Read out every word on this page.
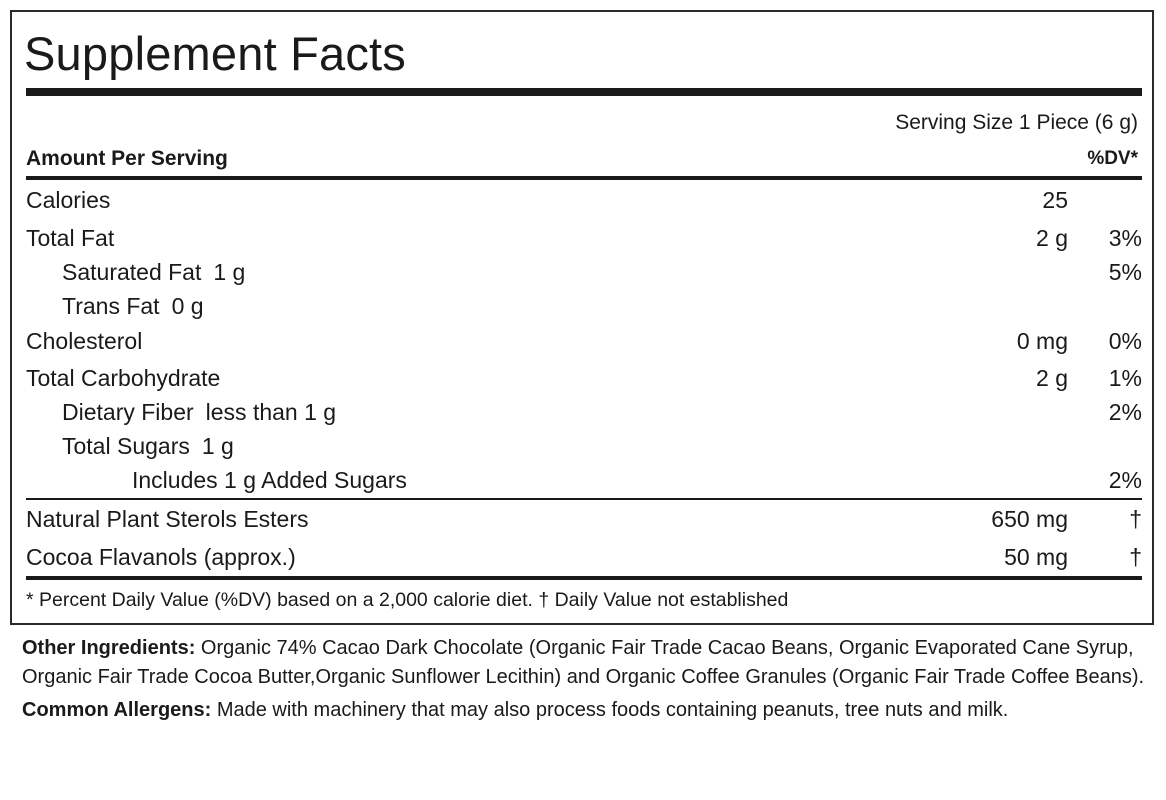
Supplement Facts
Serving Size 1 Piece (6 g)
Amount Per Serving	%DV*
Calories	25
Total Fat	2 g 3%
Saturated Fat 1 g	5%
Trans Fat 0 g
Cholesterol	0 mg 0%
Total Carbohydrate	2 g 1%
Dietary Fiber less than 1 g	2%
Total Sugars 1 g
Includes 1 g Added Sugars	2%
Natural Plant Sterols Esters	650 mg	†
Cocoa Flavanols (approx.)	50 mg	†
* Percent Daily Value (%DV) based on a 2,000 calorie diet. † Daily Value not established

Other Ingredients: Organic 74% Cacao Dark Chocolate (Organic Fair Trade Cacao Beans, Organic Evaporated Cane Syrup, Organic Fair Trade Cocoa Butter,Organic Sunflower Lecithin) and Organic Coffee Granules (Organic Fair Trade Coffee Beans).

Common Allergens: Made with machinery that may also process foods containing peanuts, tree nuts and milk.
